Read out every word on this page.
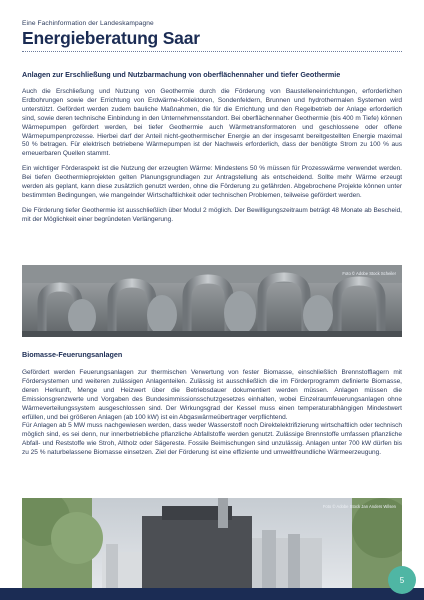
Eine Fachinformation der Landeskampagne
Energieberatung Saar
Anlagen zur Erschließung und Nutzbarmachung von oberflächennaher und tiefer Geothermie
Auch die Erschließung und Nutzung von Geothermie durch die Förderung von Baustelleneinrichtungen, erforderlichen Erdbohrungen sowie der Errichtung von Erdwärme-Kollektoren, Sondenfeldern, Brunnen und hydrothermalen Systemen wird unterstützt. Gefördert werden zudem bauliche Maßnahmen, die für die Errichtung und den Regelbetrieb der Anlage erforderlich sind, sowie deren technische Einbindung in den Unternehmensstandort. Bei oberflächennaher Geothermie (bis 400 m Tiefe) können Wärmepumpen gefördert werden, bei tiefer Geothermie auch Wärmetransformatoren und geschlossene oder offene Wärmepumpenprozesse. Hierbei darf der Anteil nicht-geothermischer Energie an der insgesamt bereitgestellten Energie maximal 50 % betragen. Für elektrisch betriebene Wärmepumpen ist der Nachweis erforderlich, dass der benötigte Strom zu 100 % aus erneuerbaren Quellen stammt.
Ein wichtiger Förderaspekt ist die Nutzung der erzeugten Wärme: Mindestens 50 % müssen für Prozesswärme verwendet werden. Bei tiefen Geothermieprojekten gelten Planungsgrundlagen zur Antragstellung als entscheidend. Sollte mehr Wärme erzeugt werden als geplant, kann diese zusätzlich genutzt werden, ohne die Förderung zu gefährden. Abgebrochene Projekte können unter bestimmten Bedingungen, wie mangelnder Wirtschaftlichkeit oder technischen Problemen, teilweise gefördert werden.
Die Förderung tiefer Geothermie ist ausschließlich über Modul 2 möglich. Der Bewilligungszeitraum beträgt 48 Monate ab Bescheid, mit der Möglichkeit einer begründeten Verlängerung.
Foto © Adobe Stock Scheiler
Biomasse-Feuerungsanlagen
Gefördert werden Feuerungsanlagen zur thermischen Verwertung von fester Biomasse, einschließlich Brennstofflagern mit Fördersystemen und weiteren zulässigen Anlagenteilen. Zulässig ist ausschließlich die im Förderprogramm definierte Biomasse, deren Herkunft, Menge und Heizwert über die Betriebsdauer dokumentiert werden müssen. Anlagen müssen die Emissionsgrenzwerte und Vorgaben des Bundesimmissionsschutzgesetzes einhalten, wobei Einzelraumfeuerungsanlagen ohne Wärmeverteilungssystem ausgeschlossen sind. Der Wirkungsgrad der Kessel muss einen temperaturabhängigen Mindestwert erfüllen, und bei größeren Anlagen (ab 100 kW) ist ein Abgaswärmeübertrager verpflichtend.
Für Anlagen ab 5 MW muss nachgewiesen werden, dass weder Wasserstoff noch Direktelektrifizierung wirtschaftlich oder technisch möglich sind, es sei denn, nur innerbetriebliche pflanzliche Abfallstoffe werden genutzt. Zulässige Brennstoffe umfassen pflanzliche Abfall- und Reststoffe wie Stroh, Altholz oder Sägereste. Fossile Beimischungen sind unzulässig. Anlagen unter 700 kW dürfen bis zu 25 % naturbelassene Biomasse einsetzen. Ziel der Förderung ist eine effiziente und umweltfreundliche Wärmeerzeugung.
Foto © Adobe Stock Jan Anders Wilsen
5
